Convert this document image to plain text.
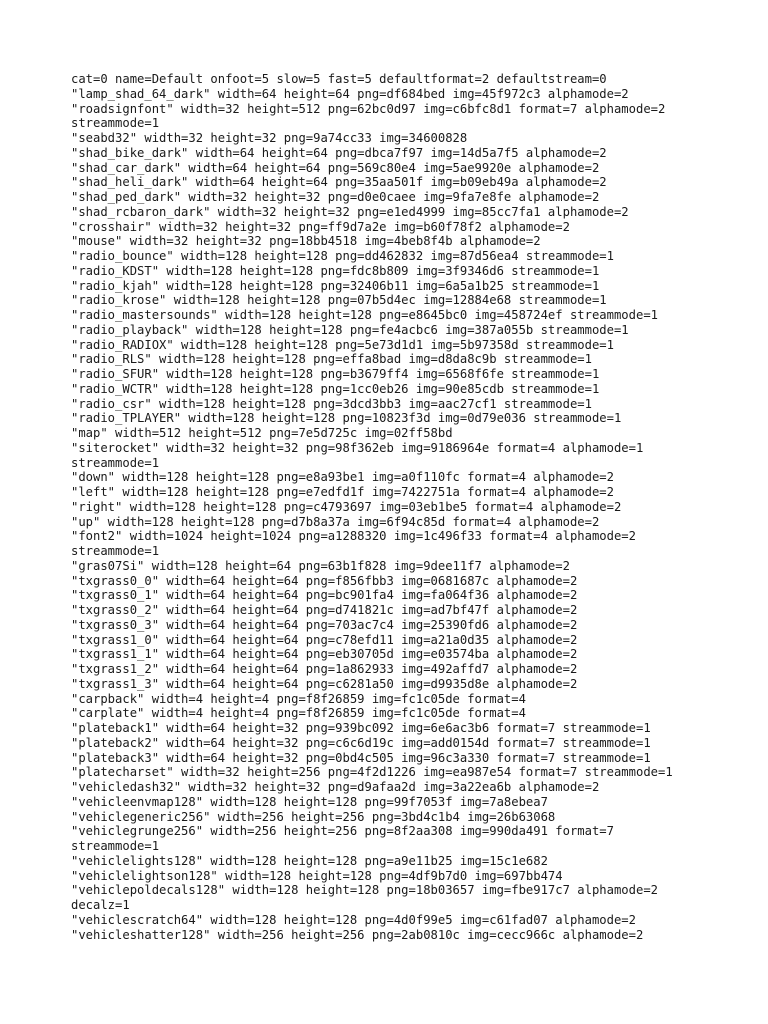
cat=0 name=Default onfoot=5 slow=5 fast=5 defaultformat=2 defaultstream=0
"lamp_shad_64_dark" width=64 height=64 png=df684bed img=45f972c3 alphamode=2
"roadsignfont" width=32 height=512 png=62bc0d97 img=c6bfc8d1 format=7 alphamode=2
streammode=1
"seabd32" width=32 height=32 png=9a74cc33 img=34600828
"shad_bike_dark" width=64 height=64 png=dbca7f97 img=14d5a7f5 alphamode=2
"shad_car_dark" width=64 height=64 png=569c80e4 img=5ae9920e alphamode=2
"shad_heli_dark" width=64 height=64 png=35aa501f img=b09eb49a alphamode=2
"shad_ped_dark" width=32 height=32 png=d0e0caee img=9fa7e8fe alphamode=2
"shad_rcbaron_dark" width=32 height=32 png=e1ed4999 img=85cc7fa1 alphamode=2
"crosshair" width=32 height=32 png=ff9d7a2e img=b60f78f2 alphamode=2
"mouse" width=32 height=32 png=18bb4518 img=4beb8f4b alphamode=2
"radio_bounce" width=128 height=128 png=dd462832 img=87d56ea4 streammode=1
"radio_KDST" width=128 height=128 png=fdc8b809 img=3f9346d6 streammode=1
"radio_kjah" width=128 height=128 png=32406b11 img=6a5a1b25 streammode=1
"radio_krose" width=128 height=128 png=07b5d4ec img=12884e68 streammode=1
"radio_mastersounds" width=128 height=128 png=e8645bc0 img=458724ef streammode=1
"radio_playback" width=128 height=128 png=fe4acbc6 img=387a055b streammode=1
"radio_RADIOX" width=128 height=128 png=5e73d1d1 img=5b97358d streammode=1
"radio_RLS" width=128 height=128 png=effa8bad img=d8da8c9b streammode=1
"radio_SFUR" width=128 height=128 png=b3679ff4 img=6568f6fe streammode=1
"radio_WCTR" width=128 height=128 png=1cc0eb26 img=90e85cdb streammode=1
"radio_csr" width=128 height=128 png=3dcd3bb3 img=aac27cf1 streammode=1
"radio_TPLAYER" width=128 height=128 png=10823f3d img=0d79e036 streammode=1
"map" width=512 height=512 png=7e5d725c img=02ff58bd
"siterocket" width=32 height=32 png=98f362eb img=9186964e format=4 alphamode=1
streammode=1
"down" width=128 height=128 png=e8a93be1 img=a0f110fc format=4 alphamode=2
"left" width=128 height=128 png=e7edfd1f img=7422751a format=4 alphamode=2
"right" width=128 height=128 png=c4793697 img=03eb1be5 format=4 alphamode=2
"up" width=128 height=128 png=d7b8a37a img=6f94c85d format=4 alphamode=2
"font2" width=1024 height=1024 png=a1288320 img=1c496f33 format=4 alphamode=2
streammode=1
"gras07Si" width=128 height=64 png=63b1f828 img=9dee11f7 alphamode=2
"txgrass0_0" width=64 height=64 png=f856fbb3 img=0681687c alphamode=2
"txgrass0_1" width=64 height=64 png=bc901fa4 img=fa064f36 alphamode=2
"txgrass0_2" width=64 height=64 png=d741821c img=ad7bf47f alphamode=2
"txgrass0_3" width=64 height=64 png=703ac7c4 img=25390fd6 alphamode=2
"txgrass1_0" width=64 height=64 png=c78efd11 img=a21a0d35 alphamode=2
"txgrass1_1" width=64 height=64 png=eb30705d img=e03574ba alphamode=2
"txgrass1_2" width=64 height=64 png=1a862933 img=492affd7 alphamode=2
"txgrass1_3" width=64 height=64 png=c6281a50 img=d9935d8e alphamode=2
"carpback" width=4 height=4 png=f8f26859 img=fc1c05de format=4
"carplate" width=4 height=4 png=f8f26859 img=fc1c05de format=4
"plateback1" width=64 height=32 png=939bc092 img=6e6ac3b6 format=7 streammode=1
"plateback2" width=64 height=32 png=c6c6d19c img=add0154d format=7 streammode=1
"plateback3" width=64 height=32 png=0bd4c505 img=96c3a330 format=7 streammode=1
"platecharset" width=32 height=256 png=4f2d1226 img=ea987e54 format=7 streammode=1
"vehicledash32" width=32 height=32 png=d9afaa2d img=3a22ea6b alphamode=2
"vehicleenvmap128" width=128 height=128 png=99f7053f img=7a8ebea7
"vehiclegeneric256" width=256 height=256 png=3bd4c1b4 img=26b63068
"vehiclegrunge256" width=256 height=256 png=8f2aa308 img=990da491 format=7
streammode=1
"vehiclelights128" width=128 height=128 png=a9e11b25 img=15c1e682
"vehiclelightson128" width=128 height=128 png=4df9b7d0 img=697bb474
"vehiclepoldecals128" width=128 height=128 png=18b03657 img=fbe917c7 alphamode=2
decalz=1
"vehiclescratch64" width=128 height=128 png=4d0f99e5 img=c61fad07 alphamode=2
"vehicleshatter128" width=256 height=256 png=2ab0810c img=cecc966c alphamode=2
